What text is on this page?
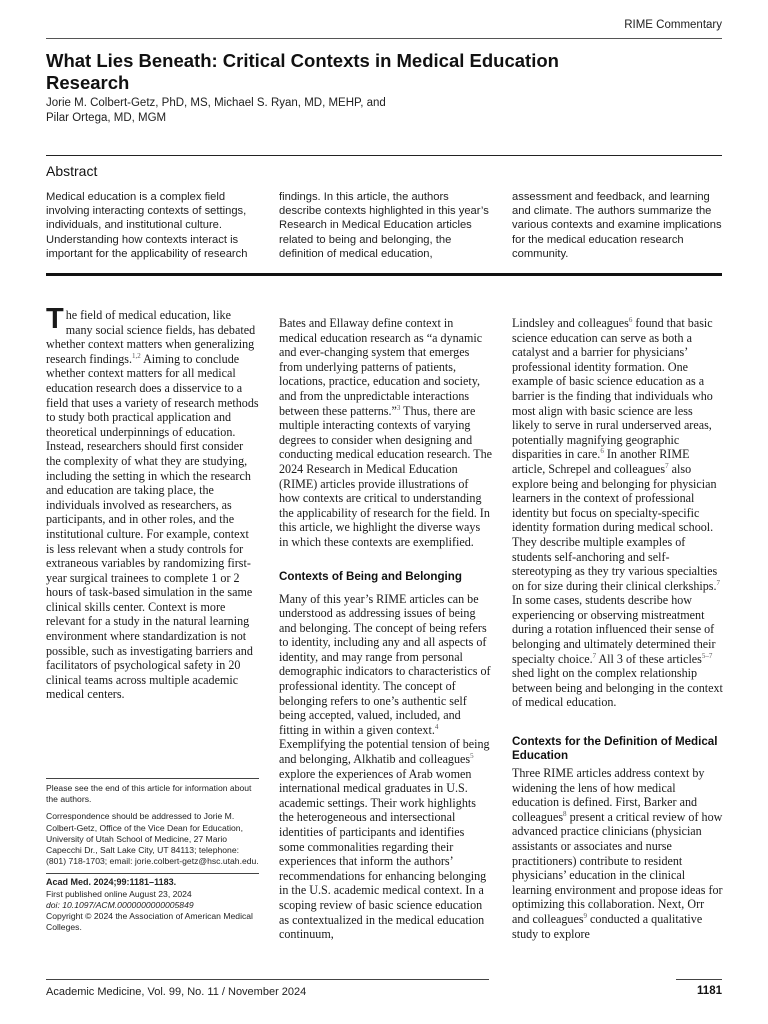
RIME Commentary
What Lies Beneath: Critical Contexts in Medical Education Research
Jorie M. Colbert-Getz, PhD, MS, Michael S. Ryan, MD, MEHP, and
Pilar Ortega, MD, MGM
Abstract
Medical education is a complex field involving interacting contexts of settings, individuals, and institutional culture. Understanding how contexts interact is important for the applicability of research
findings. In this article, the authors describe contexts highlighted in this year’s Research in Medical Education articles related to being and belonging, the definition of medical education,
assessment and feedback, and learning and climate. The authors summarize the various contexts and examine implications for the medical education research community.

The field of medical education, like many social science fields, has debated whether context matters when generalizing research findings.$^{1,2}$ Aiming to conclude whether context matters for all medical education research does a disservice to a field that uses a variety of research methods to study both practical application and theoretical underpinnings of education. Instead, researchers should first consider the complexity of what they are studying, including the setting in which the research and education are taking place, the individuals involved as researchers, as participants, and in other roles, and the institutional culture. For example, context is less relevant when a study controls for extraneous variables by randomizing first-year surgical trainees to complete 1 or 2 hours of task-based simulation in the same clinical skills center. Context is more relevant for a study in the natural learning environment where standardization is not possible, such as investigating barriers and facilitators of psychological safety in 20 clinical teams across multiple academic medical centers.

Bates and Ellaway define context in medical education research as “a dynamic and ever-changing system that emerges from underlying patterns of patients, locations, practice, education and society, and from the unpredictable interactions between these patterns.”$^3$ Thus, there are multiple interacting contexts of varying degrees to consider when designing and conducting medical education research. The 2024 Research in Medical Education (RIME) articles provide illustrations of how contexts are critical to understanding the applicability of research for the field. In this article, we highlight the diverse ways in which these contexts are exemplified.

Contexts of Being and Belonging

Many of this year’s RIME articles can be understood as addressing issues of being and belonging. The concept of being refers to identity, including any and all aspects of identity, and may range from personal demographic indicators to characteristics of professional identity. The concept of belonging refers to one’s authentic self being accepted, valued, included, and fitting in within a given context.$^4$ Exemplifying the potential tension of being and belonging, Alkhatib and colleagues$^5$ explore the experiences of Arab women international medical graduates in U.S. academic settings. Their work highlights the heterogeneous and intersectional identities of participants and identifies some commonalities regarding their experiences that inform the authors’ recommendations for enhancing belonging in the U.S. academic medical context. In a scoping review of basic science education as contextualized in the medical education continuum,

Lindsley and colleagues$^6$ found that basic science education can serve as both a catalyst and a barrier for physicians’ professional identity formation. One example of basic science education as a barrier is the finding that individuals who most align with basic science are less likely to serve in rural underserved areas, potentially magnifying geographic disparities in care.$^6$ In another RIME article, Schrepel and colleagues$^7$ also explore being and belonging for physician learners in the context of professional identity but focus on specialty-specific identity formation during medical school. They describe multiple examples of students self-anchoring and self-stereotyping as they try various specialties on for size during their clinical clerkships.$^7$ In some cases, students describe how experiencing or observing mistreatment during a rotation influenced their sense of belonging and ultimately determined their specialty choice.$^7$ All 3 of these articles$^{5-7}$ shed light on the complex relationship between being and belonging in the context of medical education.

Contexts for the Definition of Medical Education

Three RIME articles address context by widening the lens of how medical education is defined. First, Barker and colleagues$^8$ present a critical review of how advanced practice clinicians (physician assistants or associates and nurse practitioners) contribute to resident physicians’ education in the clinical learning environment and propose ideas for optimizing this collaboration. Next, Orr and colleagues$^9$ conducted a qualitative study to explore

Please see the end of this article for information about the authors.

Correspondence should be addressed to Jorie M. Colbert-Getz, Office of the Vice Dean for Education, University of Utah School of Medicine, 27 Mario Capecchi Dr., Salt Lake City, UT 84113; telephone: (801) 718-1703; email: jorie.colbert-getz@hsc.utah.edu.

Acad Med. 2024;99:1181–1183.

First published online August 23, 2024

doi: 10.1097/ACM.0000000000005849

Copyright © 2024 the Association of American Medical Colleges.

Academic Medicine, Vol. 99, No. 11 / November 2024	1181
